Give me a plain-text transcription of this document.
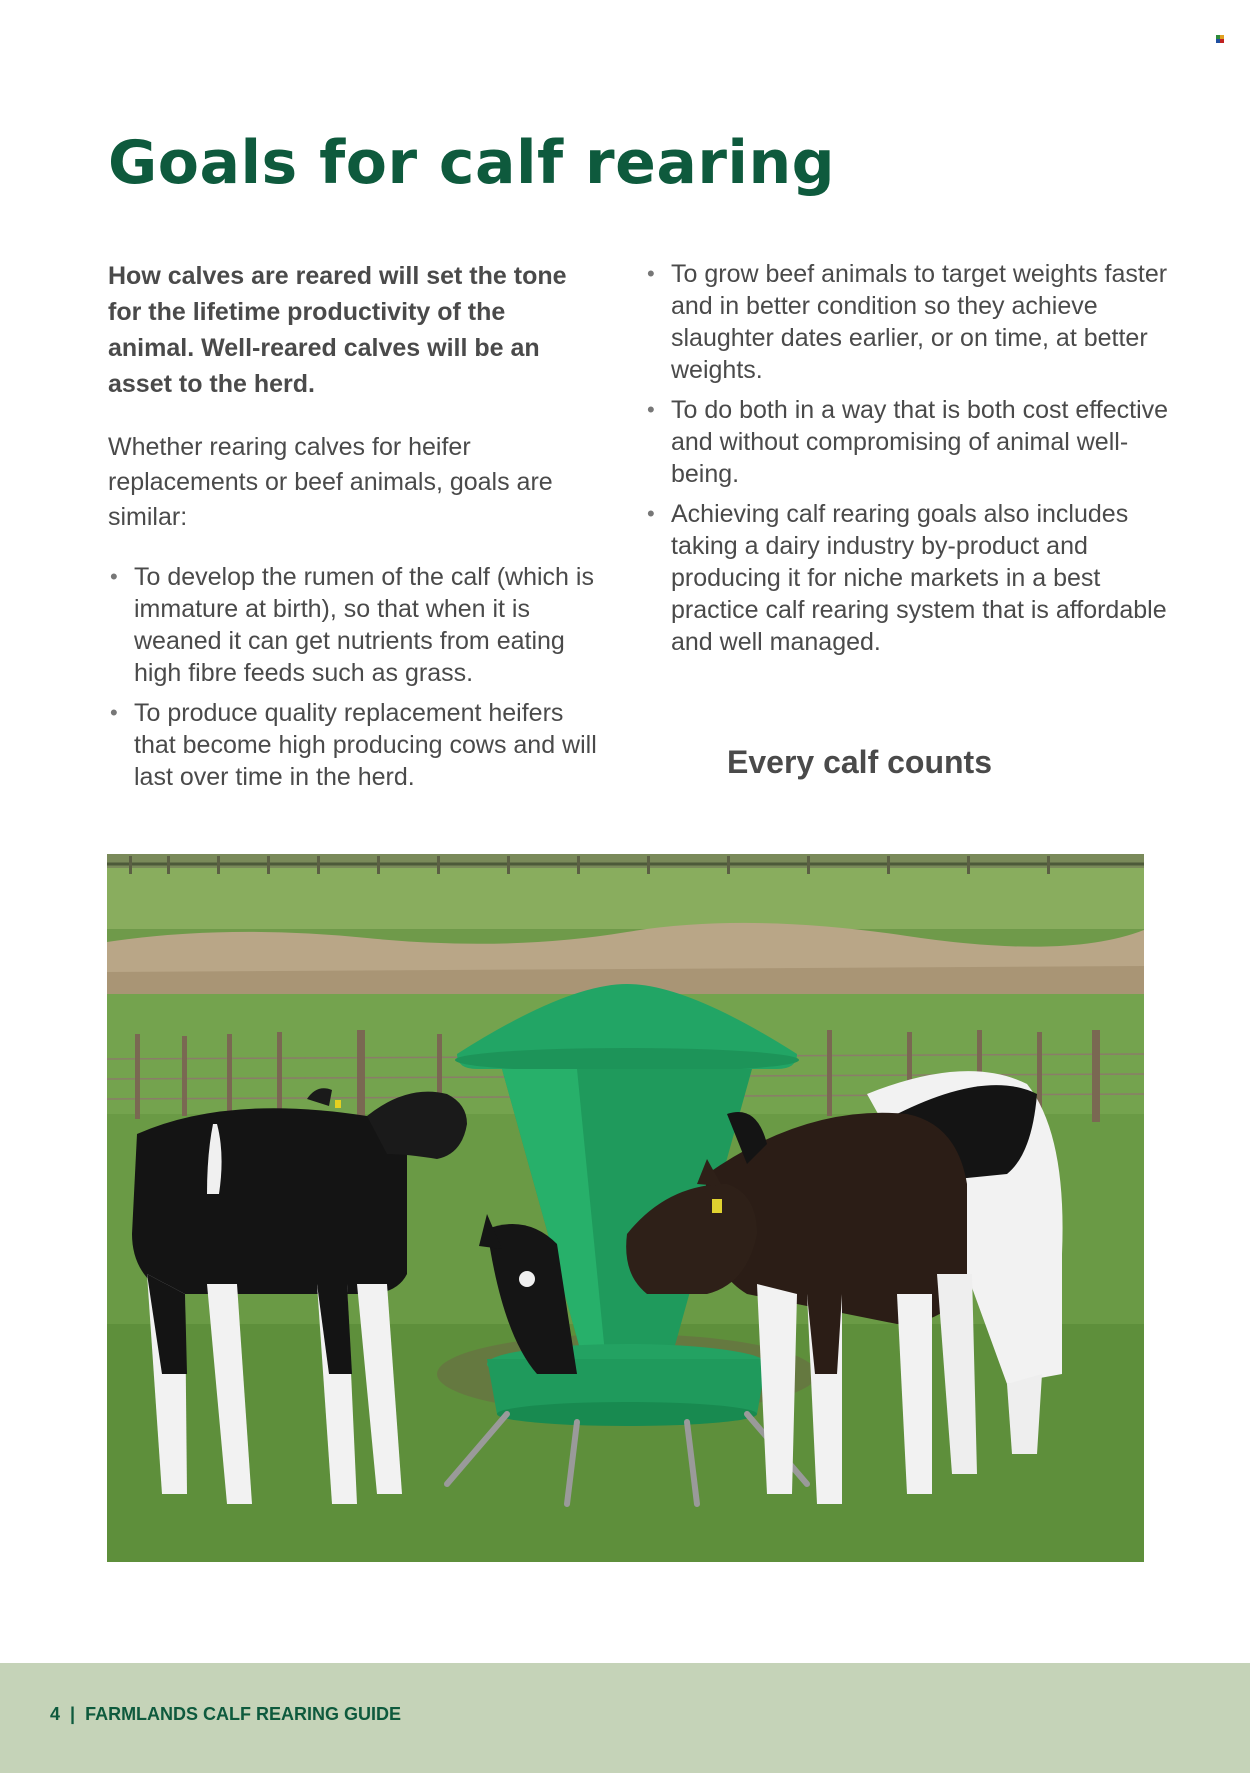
Goals for calf rearing

How calves are reared will set the tone for the lifetime productivity of the animal. Well-reared calves will be an asset to the herd.

Whether rearing calves for heifer replacements or beef animals, goals are similar:

• To develop the rumen of the calf (which is immature at birth), so that when it is weaned it can get nutrients from eating high fibre feeds such as grass.
• To produce quality replacement heifers that become high producing cows and will last over time in the herd.
• To grow beef animals to target weights faster and in better condition so they achieve slaughter dates earlier, or on time, at better weights.
• To do both in a way that is both cost effective and without compromising of animal well-being.
• Achieving calf rearing goals also includes taking a dairy industry by-product and producing it for niche markets in a best practice calf rearing system that is affordable and well managed.

Every calf counts

4 | FARMLANDS CALF REARING GUIDE
